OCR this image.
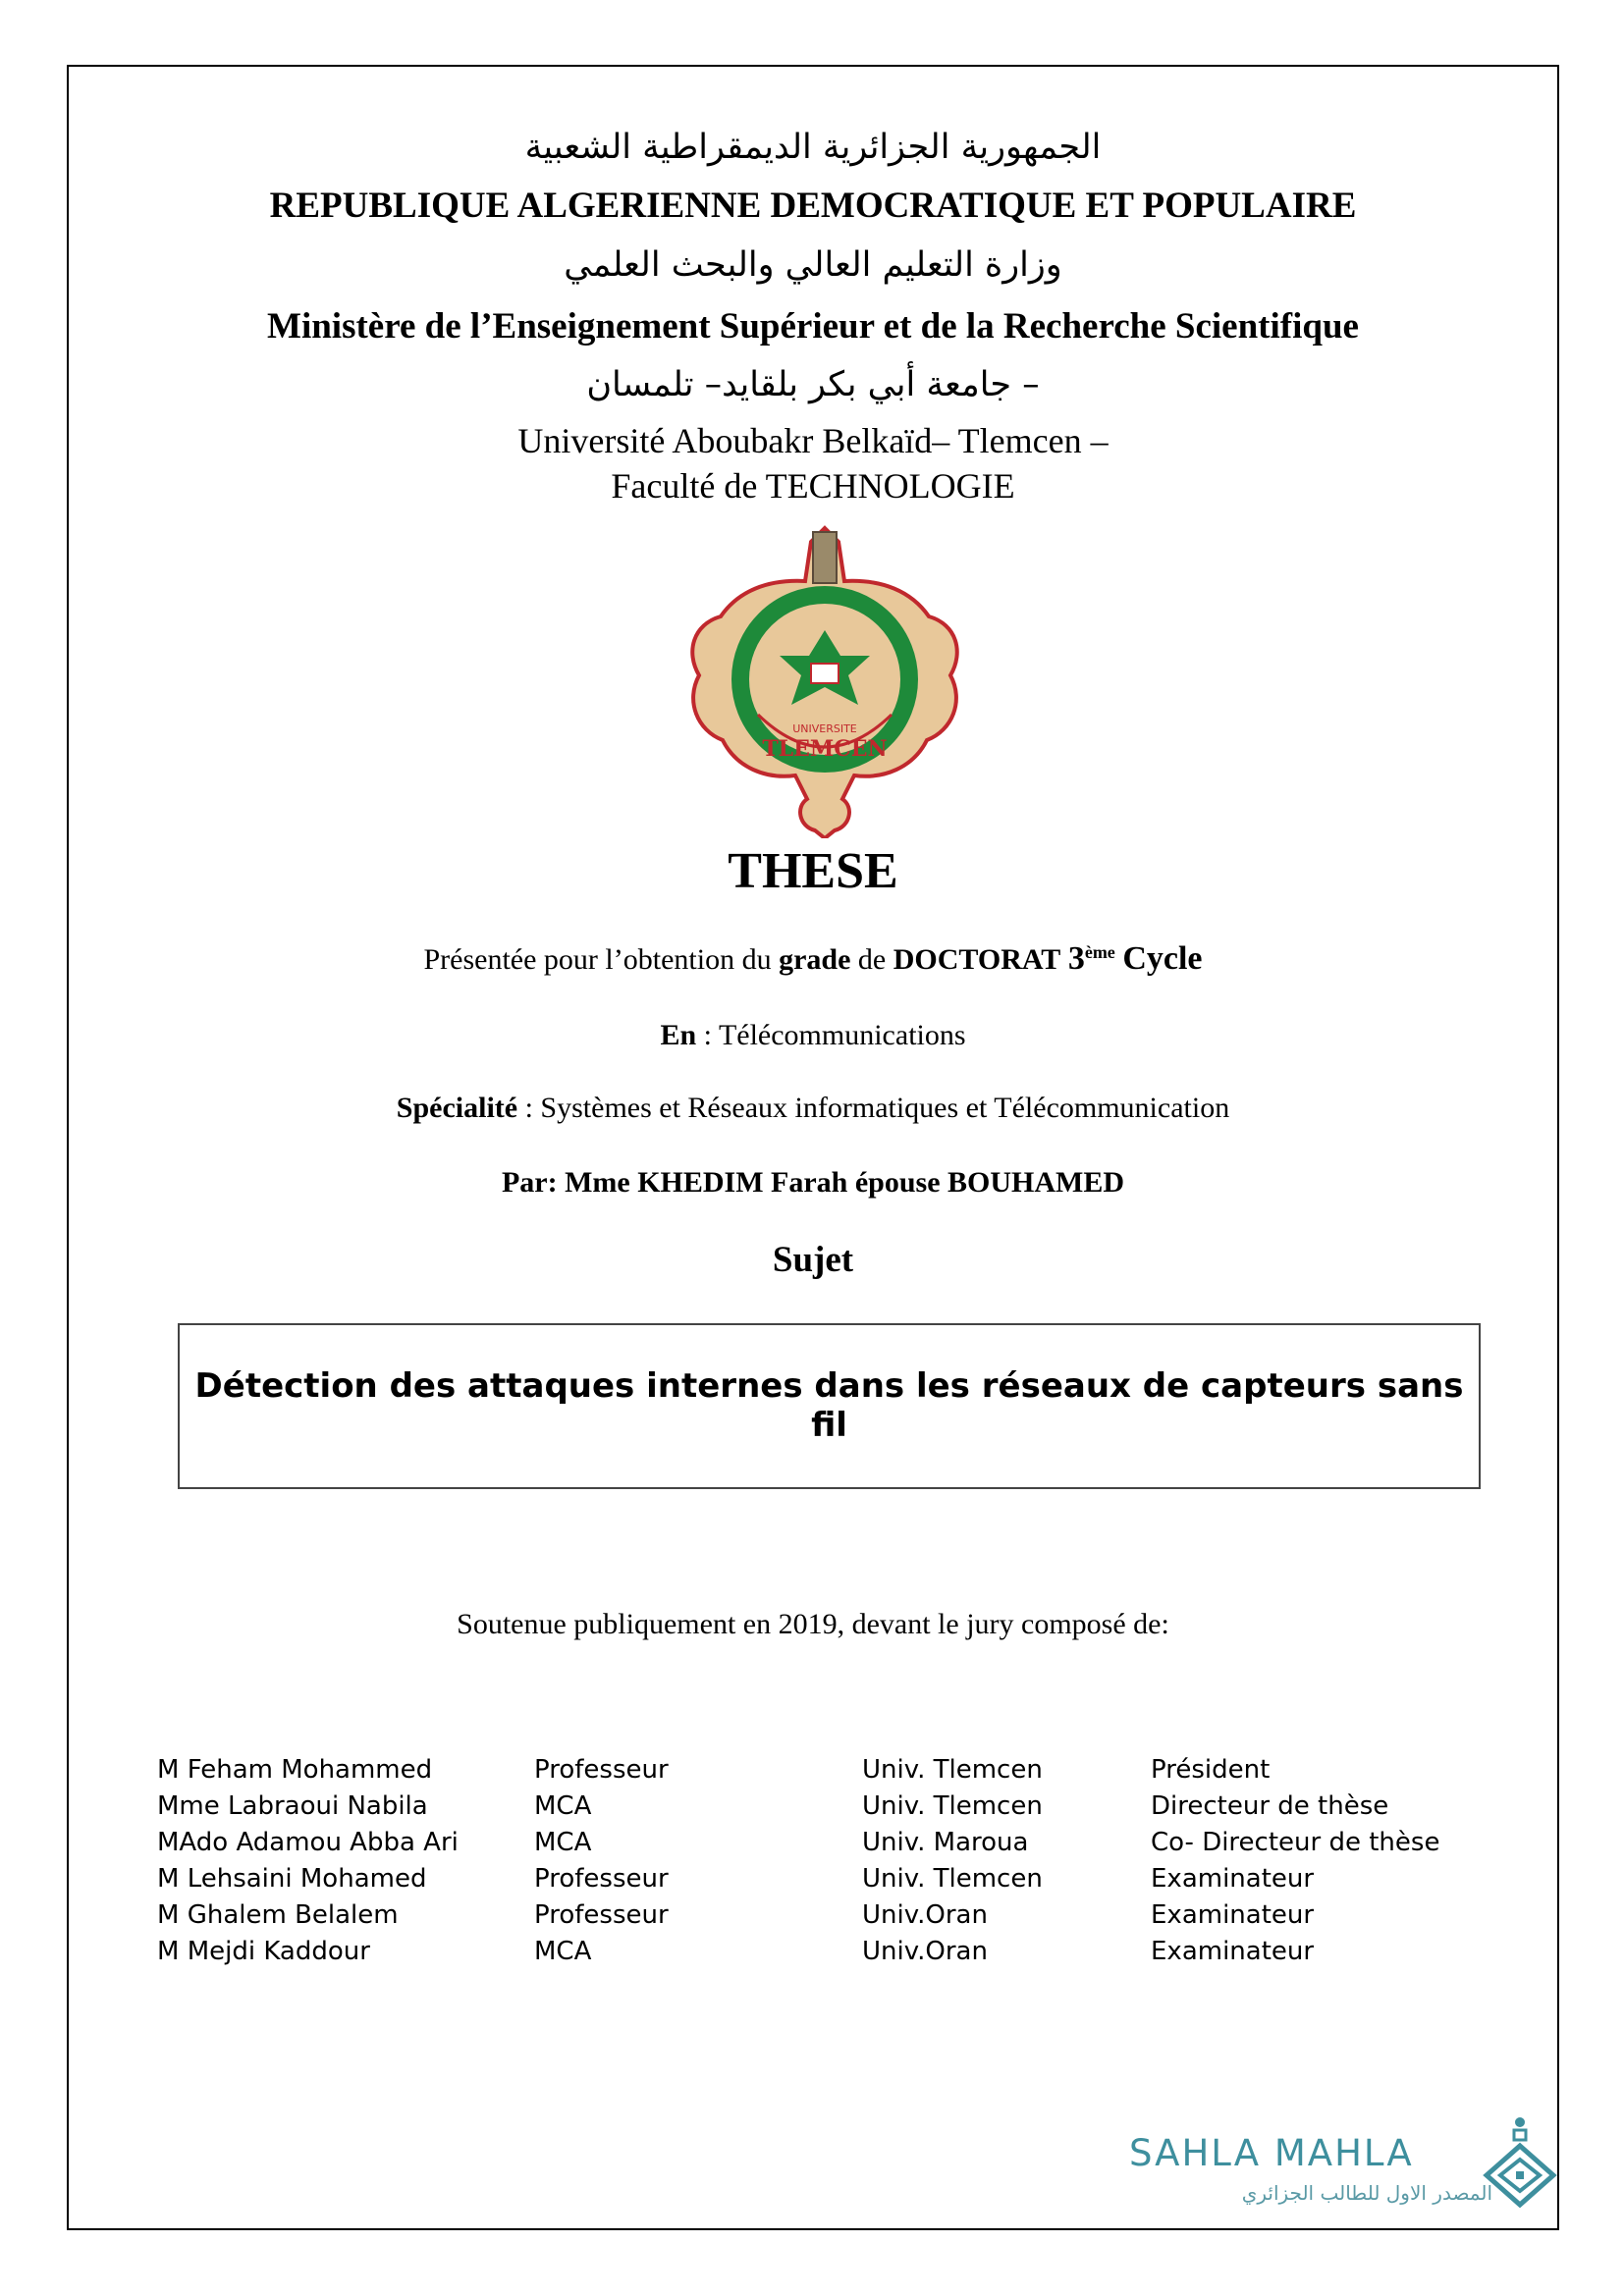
الجمهورية الجزائرية الديمقراطية الشعبية
REPUBLIQUE ALGERIENNE DEMOCRATIQUE ET POPULAIRE
وزارة التعليم العالي والبحث العلمي
Ministère de l’Enseignement Supérieur et de la Recherche Scientifique
– جامعة أبي بكر بلقايد– تلمسان
Université Aboubakr Belkaïd– Tlemcen –
Faculté de TECHNOLOGIE
UNIVERSITE
TLEMCEN
THESE
Présentée pour l’obtention du grade de DOCTORAT 3ème Cycle
En : Télécommunications
Spécialité : Systèmes et Réseaux informatiques et Télécommunication
Par: Mme KHEDIM Farah épouse BOUHAMED
Sujet
Détection des attaques internes dans les réseaux de capteurs sans fil
Soutenue publiquement en 2019, devant le jury composé de:
M Feham Mohammed	Professeur	Univ. Tlemcen	Président
Mme Labraoui Nabila	MCA	Univ. Tlemcen	Directeur de thèse
MAdo Adamou Abba Ari	MCA	Univ. Maroua	Co- Directeur de thèse
M Lehsaini Mohamed	Professeur	Univ. Tlemcen	Examinateur
M Ghalem Belalem	Professeur	Univ.Oran	Examinateur
M Mejdi Kaddour	MCA	Univ.Oran	Examinateur
SAHLA MAHLA
المصدر الاول للطالب الجزائري
